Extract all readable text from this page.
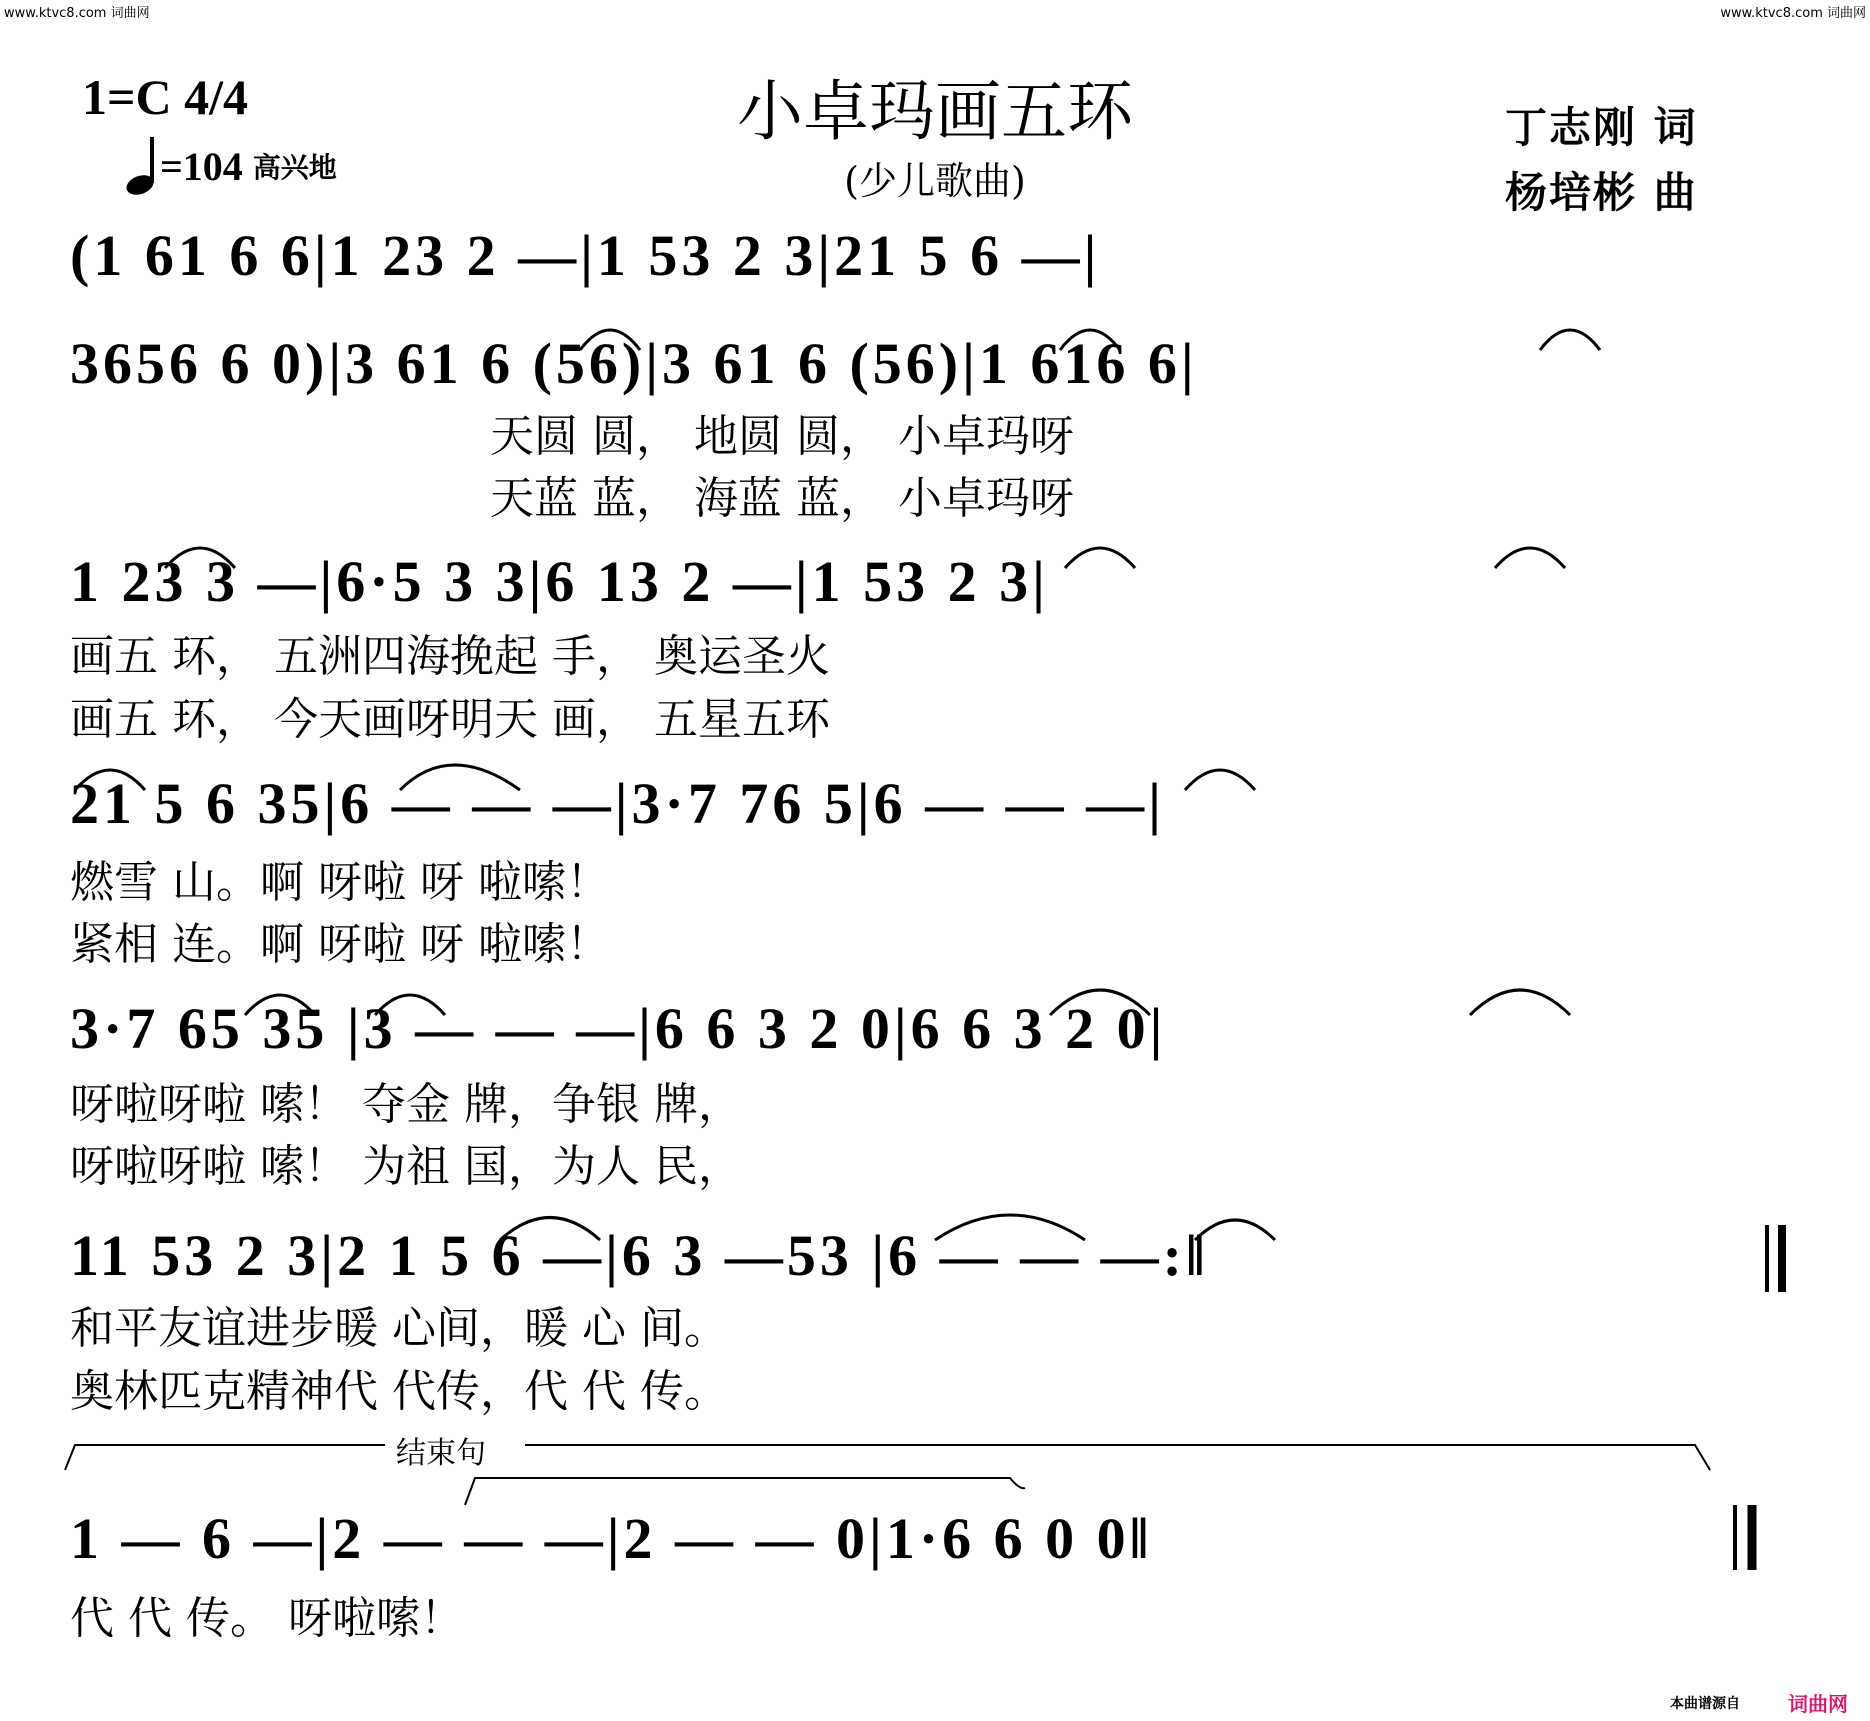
www.ktvc8.com 词曲网	www.ktvc8.com 词曲网
1=C 4/4
=104 高兴地
小卓玛画五环
(少儿歌曲)
丁志刚 词
杨培彬 曲
(1 61 6 6|1 23 2 —|1 53 2 3|21 5 6 —|
3656 6 0)|3 61 6 (56)|3 61 6 (56)|1 616 6|
天圆 圆， 地圆 圆， 小卓玛呀
天蓝 蓝， 海蓝 蓝， 小卓玛呀
1 23 3 —|6·5 3 3|6 13 2 —|1 53 2 3|
画五 环， 五洲四海挽起 手， 奥运圣火
画五 环， 今天画呀明天 画， 五星五环
21 5 6 35|6 — — —|3·7 76 5|6 — — —|
燃雪 山。啊 呀啦 呀 啦嗦！
紧相 连。啊 呀啦 呀 啦嗦！
3·7 65 35 |3 — — —|6 6 3 2 0|6 6 3 2 0|
呀啦呀啦 嗦！ 夺金 牌，争银 牌，
呀啦呀啦 嗦！ 为祖 国，为人 民，
11 53 2 3|2 1 5 6 —|6 3 —53 |6 — — —:‖
和平友谊进步暖 心间，暖 心 间。
奥林匹克精神代 代传，代 代 传。
结束句
1 — 6 —|2 — — —|2 — — 0|1·6 6 0 0‖
代 代 传。 呀啦嗦！
本曲谱源自 词曲网
